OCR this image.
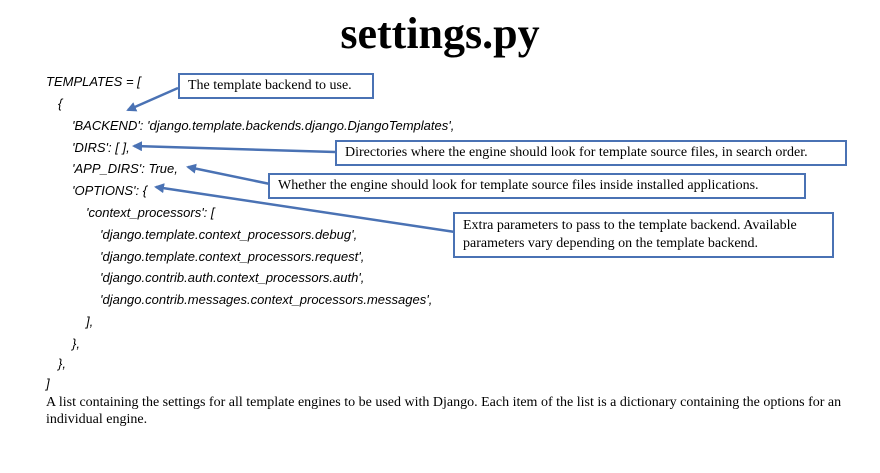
settings.py
TEMPLATES = [
{
'BACKEND': 'django.template.backends.django.DjangoTemplates',
'DIRS': [ ],
'APP_DIRS': True,
'OPTIONS': {
'context_processors': [
'django.template.context_processors.debug',
'django.template.context_processors.request',
'django.contrib.auth.context_processors.auth',
'django.contrib.messages.context_processors.messages',
],
},
},
]
The template backend to use.
Directories where the engine should look for template source files, in search order.
Whether the engine should look for template source files inside installed applications.
Extra parameters to pass to the template backend. Available parameters vary depending on the template backend.
A list containing the settings for all template engines to be used with Django. Each item of the list is a dictionary containing the options for an individual engine.
